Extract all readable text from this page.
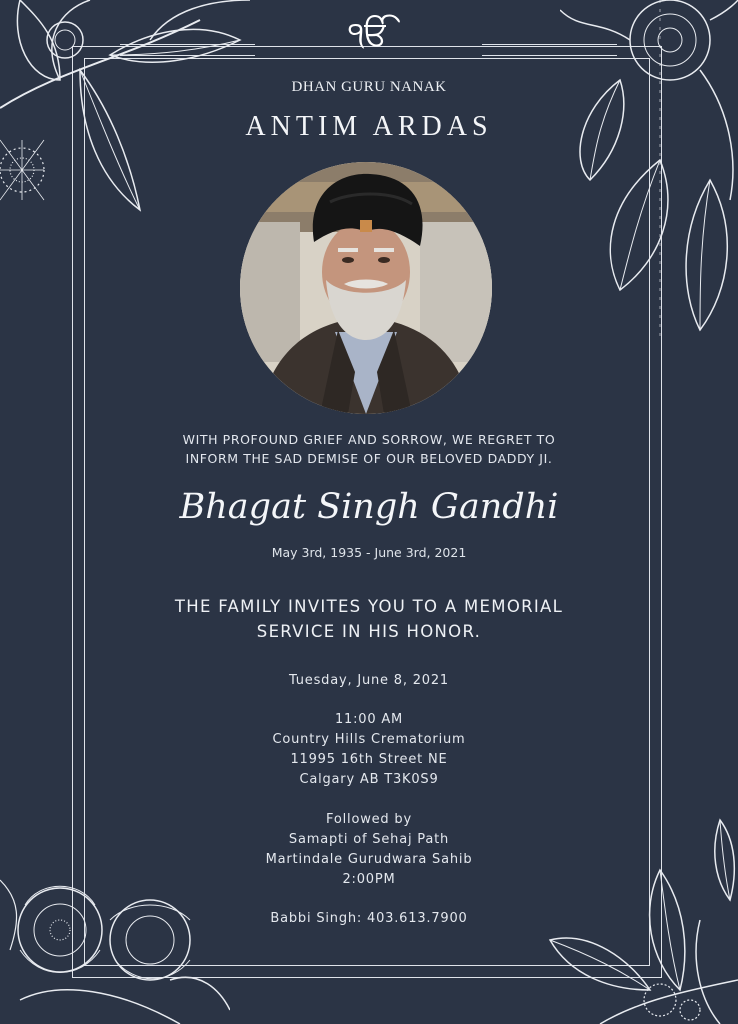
ੴ
DHAN GURU NANAK
ANTIM ARDAS
WITH PROFOUND GRIEF AND SORROW, WE REGRET TO
INFORM THE SAD DEMISE OF OUR BELOVED DADDY JI.
Bhagat Singh Gandhi
May 3rd, 1935 - June 3rd, 2021
THE FAMILY INVITES YOU TO A MEMORIAL
SERVICE IN HIS HONOR.
Tuesday, June 8, 2021
11:00 AM
Country Hills Crematorium
11995 16th Street NE
Calgary AB T3K0S9
Followed by
Samapti of Sehaj Path
Martindale Gurudwara Sahib
2:00PM
Babbi Singh: 403.613.7900
